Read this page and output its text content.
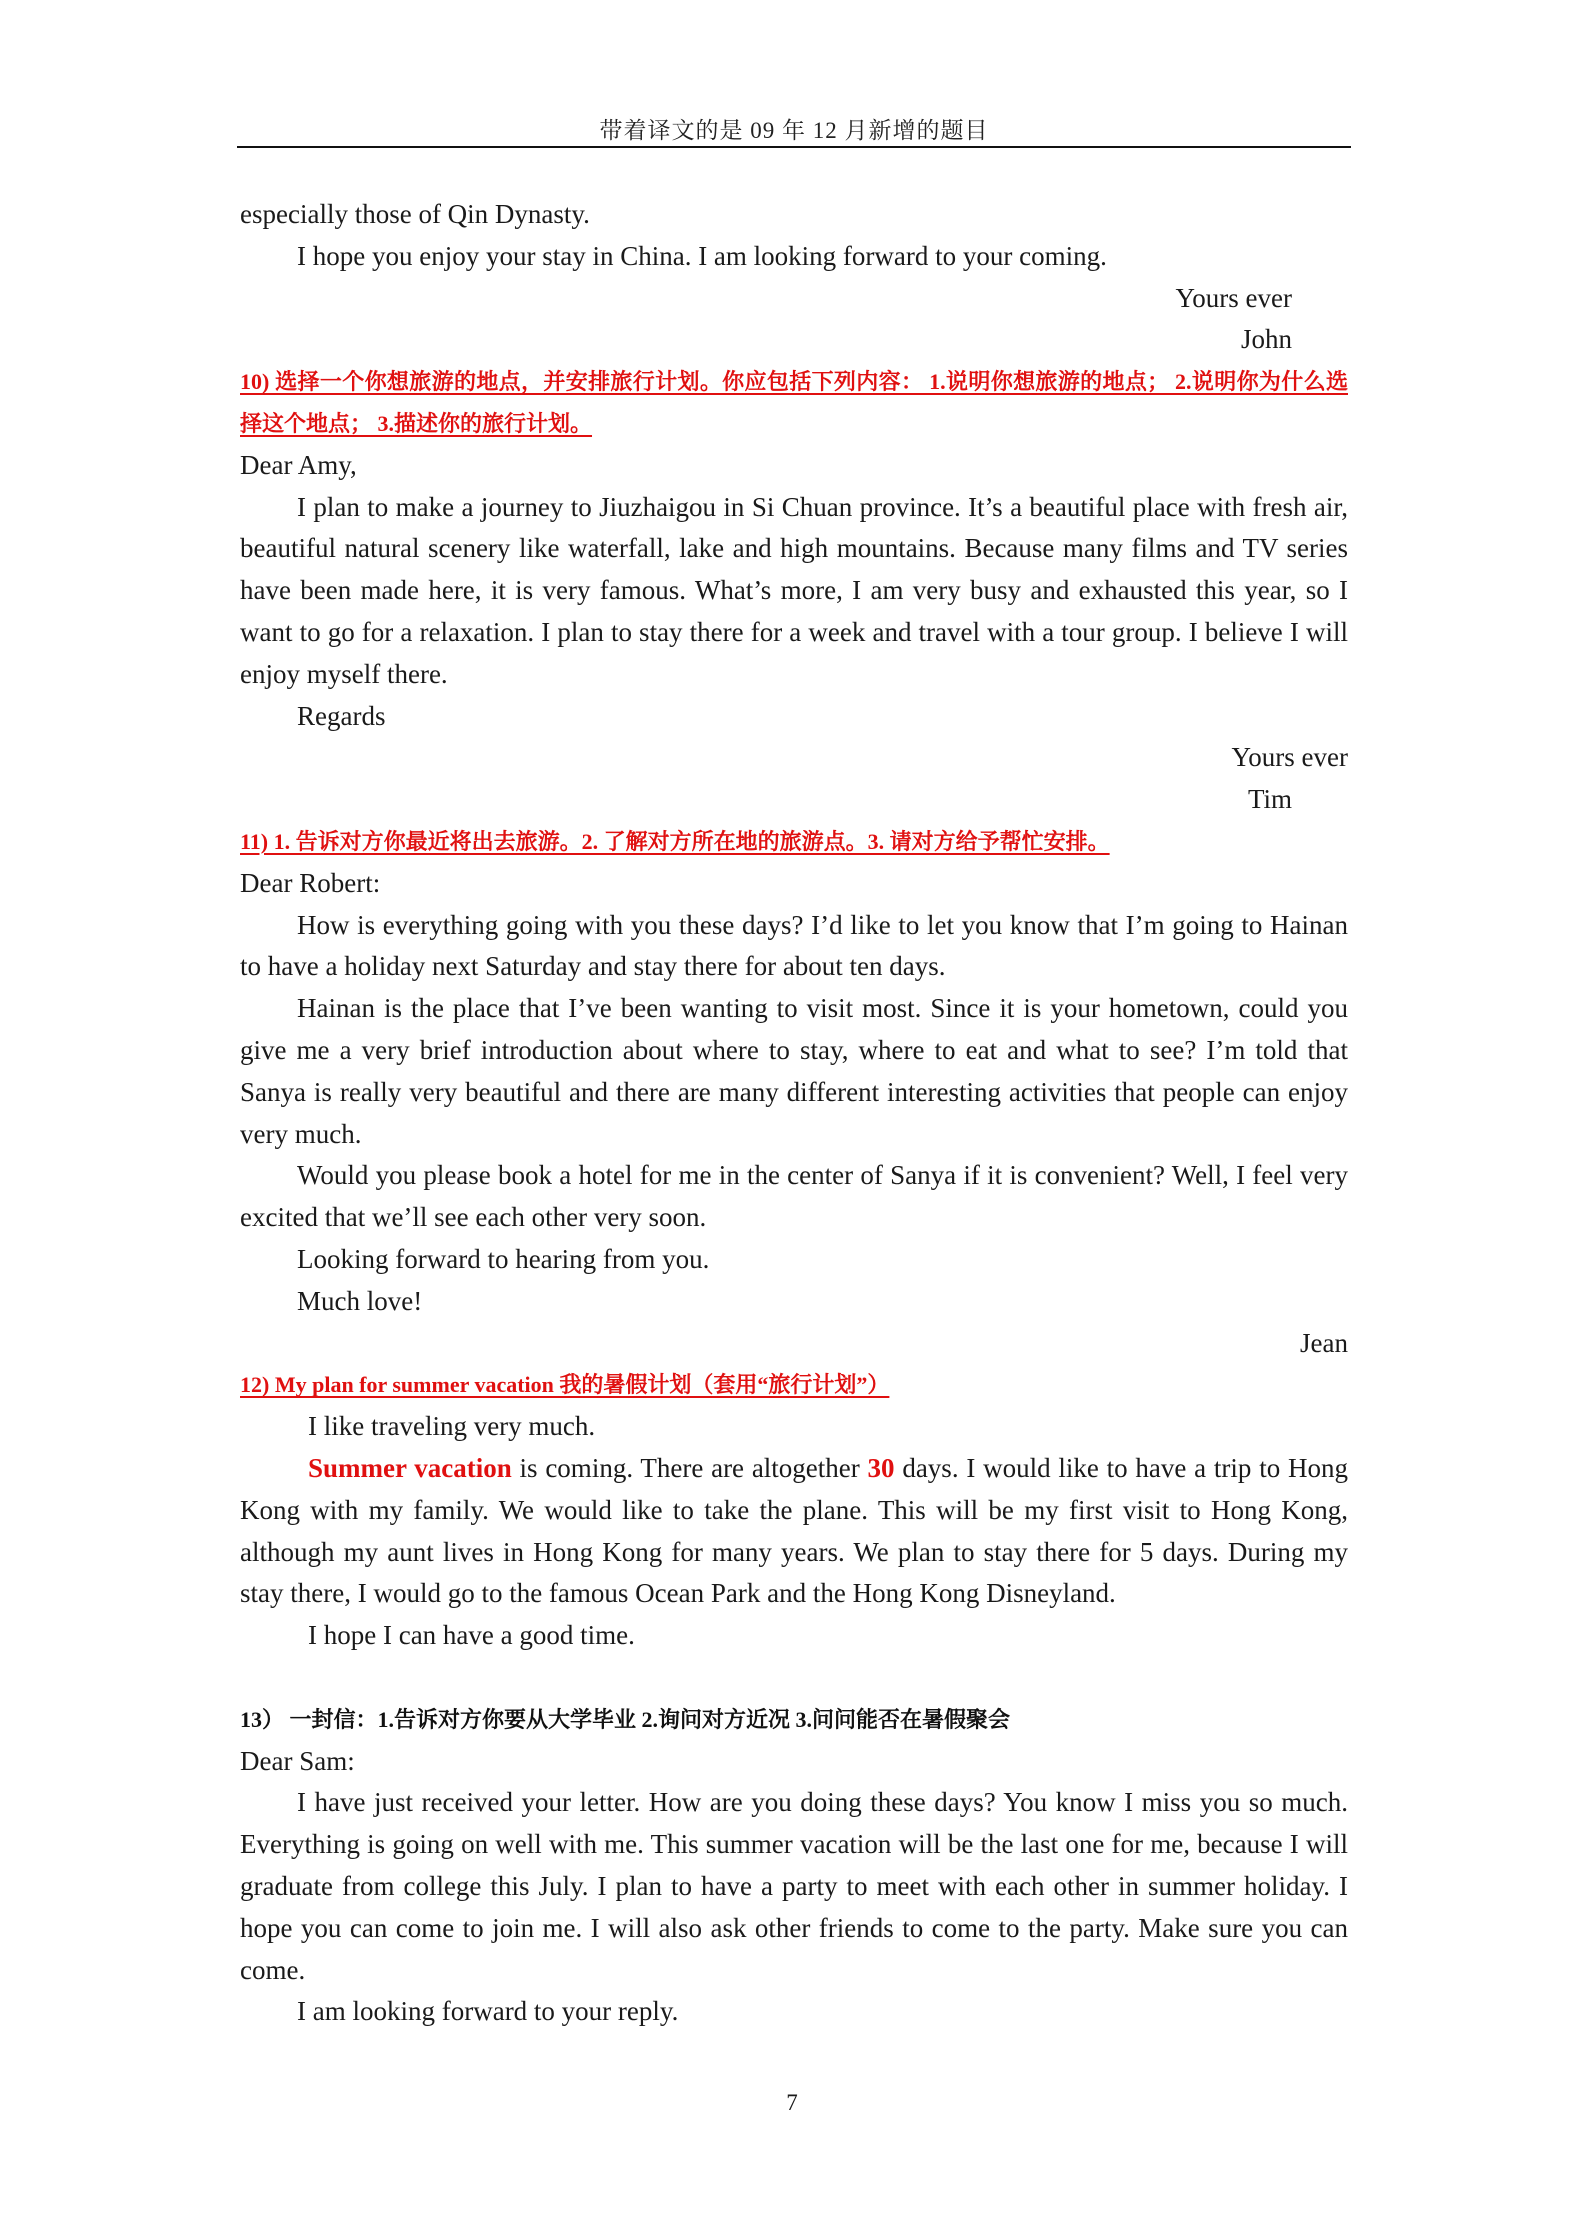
带着译文的是 09 年 12 月新增的题目

especially those of Qin Dynasty.

I hope you enjoy your stay in China. I am looking forward to your coming.

Yours ever

John

10) 选择一个你想旅游的地点，并安排旅行计划。你应包括下列内容： 1.说明你想旅游的地点； 2.说明你为什么选择这个地点； 3.描述你的旅行计划。

Dear Amy,

I plan to make a journey to Jiuzhaigou in Si Chuan province. It’s a beautiful place with fresh air, beautiful natural scenery like waterfall, lake and high mountains. Because many films and TV series have been made here, it is very famous. What’s more, I am very busy and exhausted this year, so I want to go for a relaxation. I plan to stay there for a week and travel with a tour group. I believe I will enjoy myself there.

Regards

Yours ever

Tim

11) 1. 告诉对方你最近将出去旅游。2. 了解对方所在地的旅游点。3. 请对方给予帮忙安排。

Dear Robert:

How is everything going with you these days? I’d like to let you know that I’m going to Hainan to have a holiday next Saturday and stay there for about ten days.

Hainan is the place that I’ve been wanting to visit most. Since it is your hometown, could you give me a very brief introduction about where to stay, where to eat and what to see? I’m told that Sanya is really very beautiful and there are many different interesting activities that people can enjoy very much.

Would you please book a hotel for me in the center of Sanya if it is convenient? Well, I feel very excited that we’ll see each other very soon.

Looking forward to hearing from you.

Much love!

Jean

12) My plan for summer vacation 我的暑假计划（套用“旅行计划”）

I like traveling very much.

Summer vacation is coming. There are altogether 30 days. I would like to have a trip to Hong Kong with my family. We would like to take the plane. This will be my first visit to Hong Kong, although my aunt lives in Hong Kong for many years. We plan to stay there for 5 days. During my stay there, I would go to the famous Ocean Park and the Hong Kong Disneyland.

I hope I can have a good time.

13） 一封信：1.告诉对方你要从大学毕业 2.询问对方近况 3.问问能否在暑假聚会

Dear Sam:

I have just received your letter. How are you doing these days? You know I miss you so much. Everything is going on well with me. This summer vacation will be the last one for me, because I will graduate from college this July. I plan to have a party to meet with each other in summer holiday. I hope you can come to join me. I will also ask other friends to come to the party. Make sure you can come.

I am looking forward to your reply.

7
